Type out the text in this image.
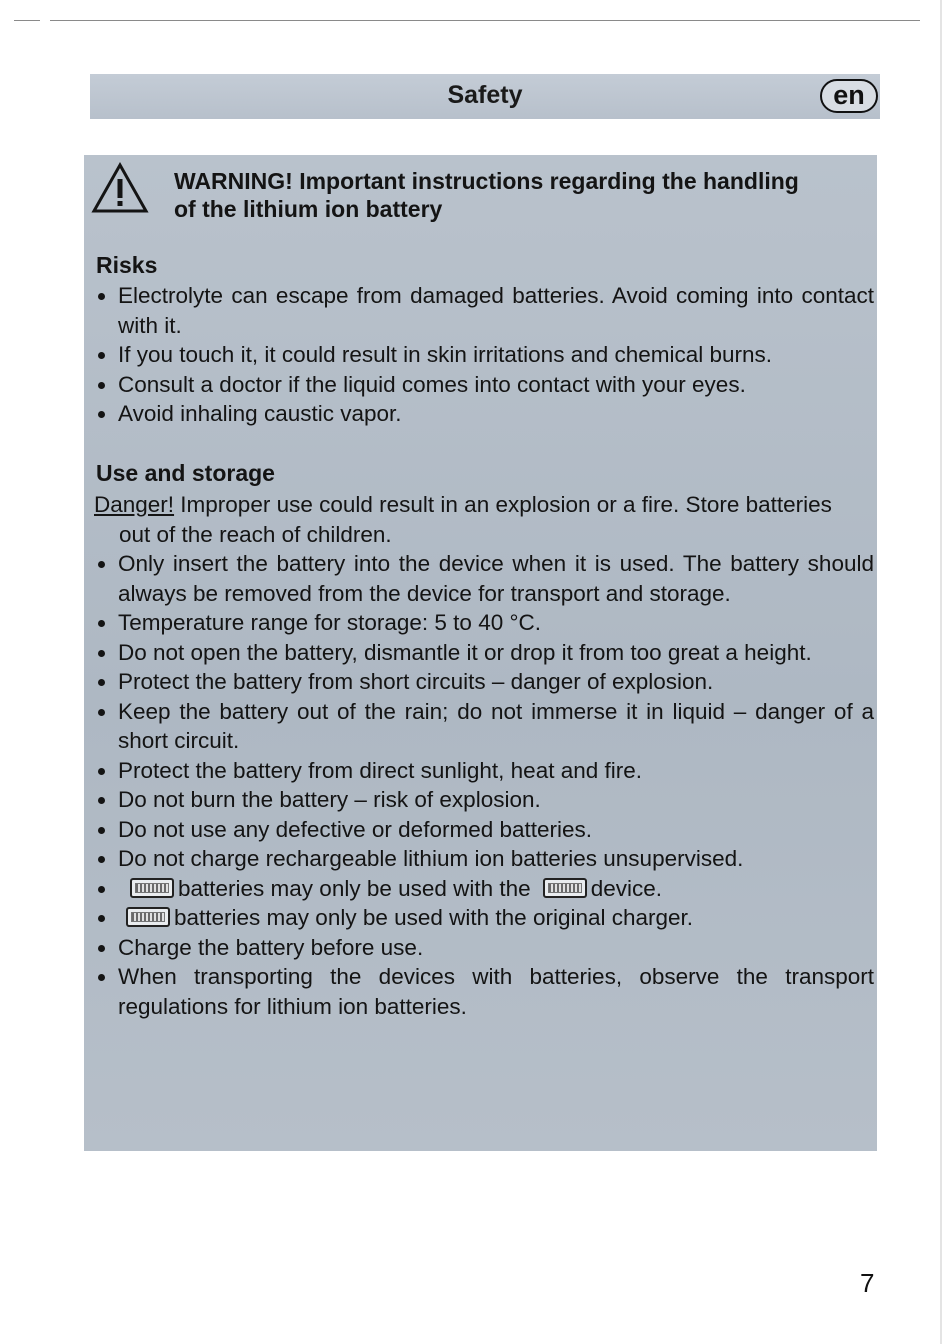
Safety	en
WARNING! Important instructions regarding the handling
of the lithium ion battery
Risks
Electrolyte can escape from damaged batteries. Avoid coming into contact with it.
If you touch it, it could result in skin irritations and chemical burns.
Consult a doctor if the liquid comes into contact with your eyes.
Avoid inhaling caustic vapor.
Use and storage
Danger! Improper use could result in an explosion or a fire. Store batteries
out of the reach of children.
Only insert the battery into the device when it is used. The battery should always be removed from the device for transport and storage.
Temperature range for storage: 5 to 40 °C.
Do not open the battery, dismantle it or drop it from too great a height.
Protect the battery from short circuits – danger of explosion.
Keep the battery out of the rain; do not immerse it in liquid – danger of a short circuit.
Protect the battery from direct sunlight, heat and fire.
Do not burn the battery – risk of explosion.
Do not use any defective or deformed batteries.
Do not charge rechargeable lithium ion batteries unsupervised.
batteries may only be used with the	device.
batteries may only be used with the original charger.
Charge the battery before use.
When transporting the devices with batteries, observe the transport regulations for lithium ion batteries.
7
